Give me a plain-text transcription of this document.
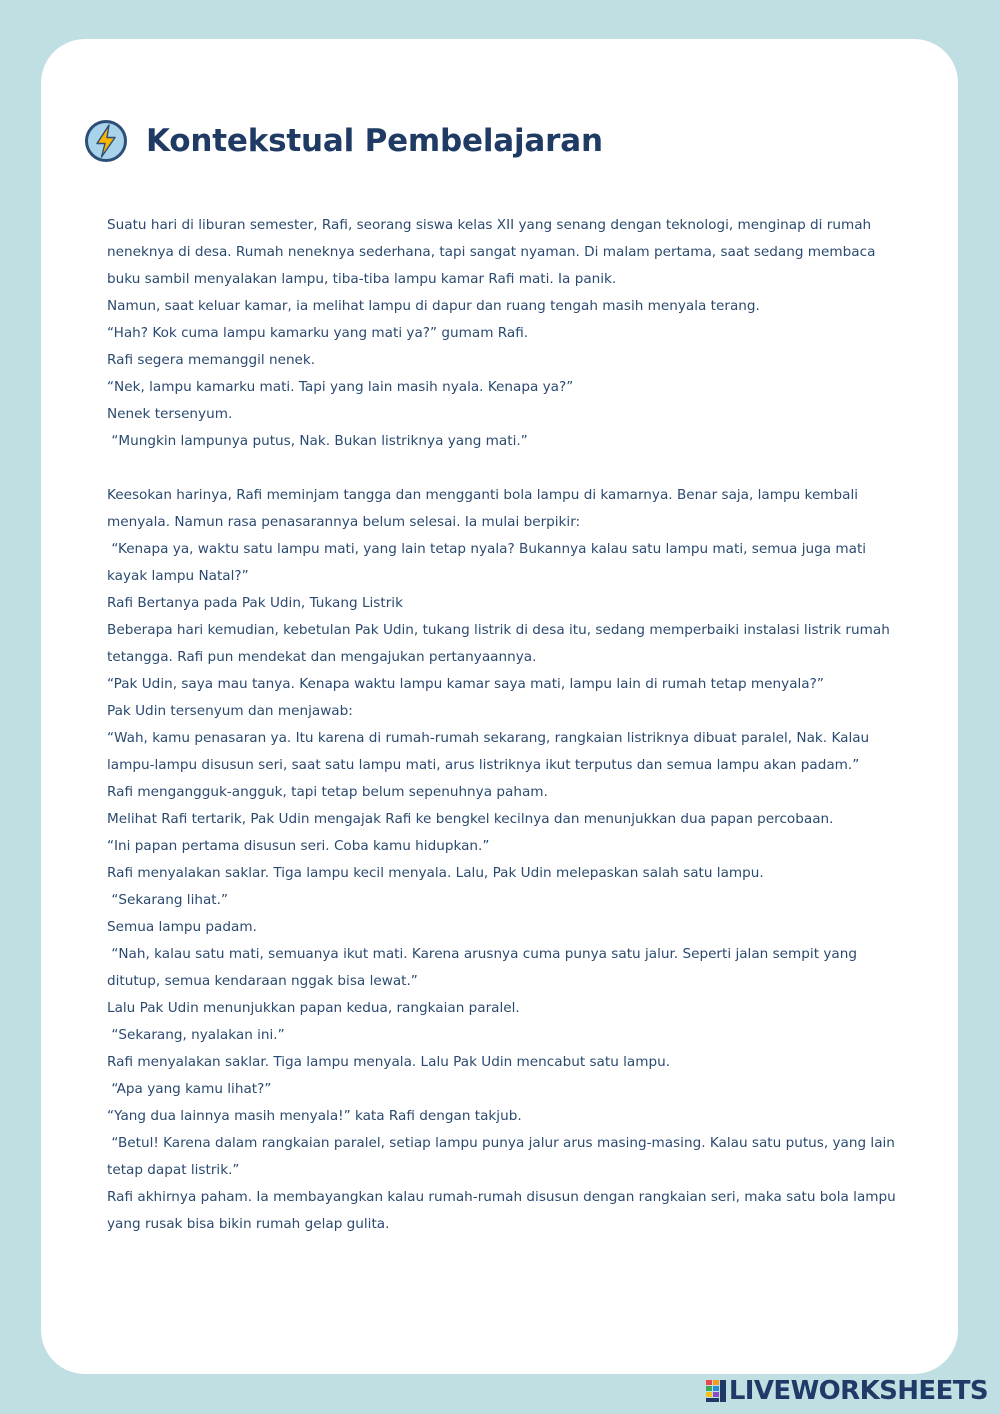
Kontekstual Pembelajaran

Suatu hari di liburan semester, Rafi, seorang siswa kelas XII yang senang dengan teknologi, menginap di rumah neneknya di desa. Rumah neneknya sederhana, tapi sangat nyaman. Di malam pertama, saat sedang membaca buku sambil menyalakan lampu, tiba-tiba lampu kamar Rafi mati. Ia panik.

Namun, saat keluar kamar, ia melihat lampu di dapur dan ruang tengah masih menyala terang.

“Hah? Kok cuma lampu kamarku yang mati ya?” gumam Rafi.

Rafi segera memanggil nenek.

“Nek, lampu kamarku mati. Tapi yang lain masih nyala. Kenapa ya?”

Nenek tersenyum.

“Mungkin lampunya putus, Nak. Bukan listriknya yang mati.”

Keesokan harinya, Rafi meminjam tangga dan mengganti bola lampu di kamarnya. Benar saja, lampu kembali menyala. Namun rasa penasarannya belum selesai. Ia mulai berpikir:

“Kenapa ya, waktu satu lampu mati, yang lain tetap nyala? Bukannya kalau satu lampu mati, semua juga mati kayak lampu Natal?”

Rafi Bertanya pada Pak Udin, Tukang Listrik

Beberapa hari kemudian, kebetulan Pak Udin, tukang listrik di desa itu, sedang memperbaiki instalasi listrik rumah tetangga. Rafi pun mendekat dan mengajukan pertanyaannya.

“Pak Udin, saya mau tanya. Kenapa waktu lampu kamar saya mati, lampu lain di rumah tetap menyala?”

Pak Udin tersenyum dan menjawab:

“Wah, kamu penasaran ya. Itu karena di rumah-rumah sekarang, rangkaian listriknya dibuat paralel, Nak. Kalau lampu-lampu disusun seri, saat satu lampu mati, arus listriknya ikut terputus dan semua lampu akan padam.”

Rafi mengangguk-angguk, tapi tetap belum sepenuhnya paham.

Melihat Rafi tertarik, Pak Udin mengajak Rafi ke bengkel kecilnya dan menunjukkan dua papan percobaan.

“Ini papan pertama disusun seri. Coba kamu hidupkan.”

Rafi menyalakan saklar. Tiga lampu kecil menyala. Lalu, Pak Udin melepaskan salah satu lampu.

“Sekarang lihat.”

Semua lampu padam.

“Nah, kalau satu mati, semuanya ikut mati. Karena arusnya cuma punya satu jalur. Seperti jalan sempit yang ditutup, semua kendaraan nggak bisa lewat.”

Lalu Pak Udin menunjukkan papan kedua, rangkaian paralel.

“Sekarang, nyalakan ini.”

Rafi menyalakan saklar. Tiga lampu menyala. Lalu Pak Udin mencabut satu lampu.

“Apa yang kamu lihat?”

“Yang dua lainnya masih menyala!” kata Rafi dengan takjub.

“Betul! Karena dalam rangkaian paralel, setiap lampu punya jalur arus masing-masing. Kalau satu putus, yang lain tetap dapat listrik.”

Rafi akhirnya paham. Ia membayangkan kalau rumah-rumah disusun dengan rangkaian seri, maka satu bola lampu yang rusak bisa bikin rumah gelap gulita.

LIVEWORKSHEETS
